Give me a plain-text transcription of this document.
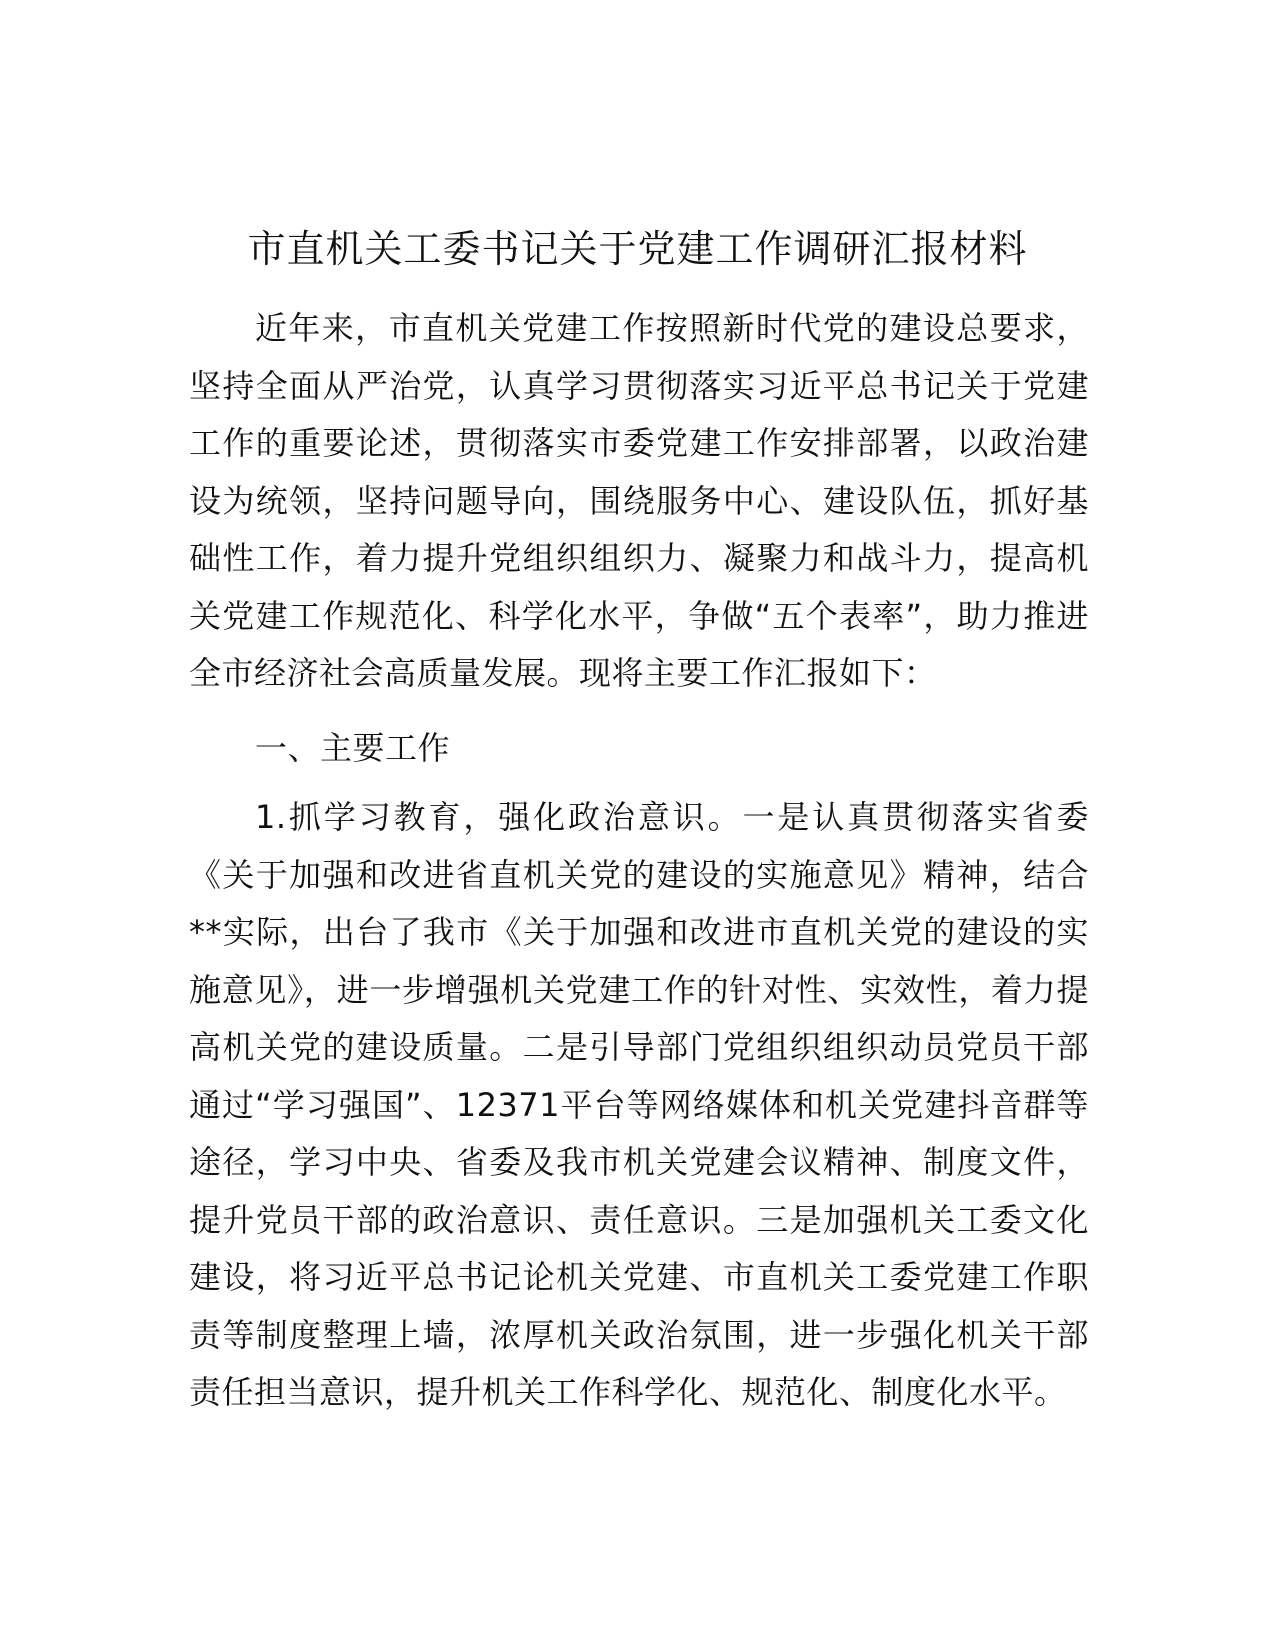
市直机关工委书记关于党建工作调研汇报材料

近年来，市直机关党建工作按照新时代党的建设总要求，坚持全面从严治党，认真学习贯彻落实习近平总书记关于党建工作的重要论述，贯彻落实市委党建工作安排部署，以政治建设为统领，坚持问题导向，围绕服务中心、建设队伍，抓好基础性工作，着力提升党组织组织力、凝聚力和战斗力，提高机关党建工作规范化、科学化水平，争做“五个表率”，助力推进全市经济社会高质量发展。现将主要工作汇报如下：

一、主要工作

1.抓学习教育，强化政治意识。一是认真贯彻落实省委《关于加强和改进省直机关党的建设的实施意见》精神，结合**实际，出台了我市《关于加强和改进市直机关党的建设的实施意见》，进一步增强机关党建工作的针对性、实效性，着力提高机关党的建设质量。二是引导部门党组织组织动员党员干部通过“学习强国”、12371平台等网络媒体和机关党建抖音群等途径，学习中央、省委及我市机关党建会议精神、制度文件，提升党员干部的政治意识、责任意识。三是加强机关工委文化建设，将习近平总书记论机关党建、市直机关工委党建工作职责等制度整理上墙，浓厚机关政治氛围，进一步强化机关干部责任担当意识，提升机关工作科学化、规范化、制度化水平。
